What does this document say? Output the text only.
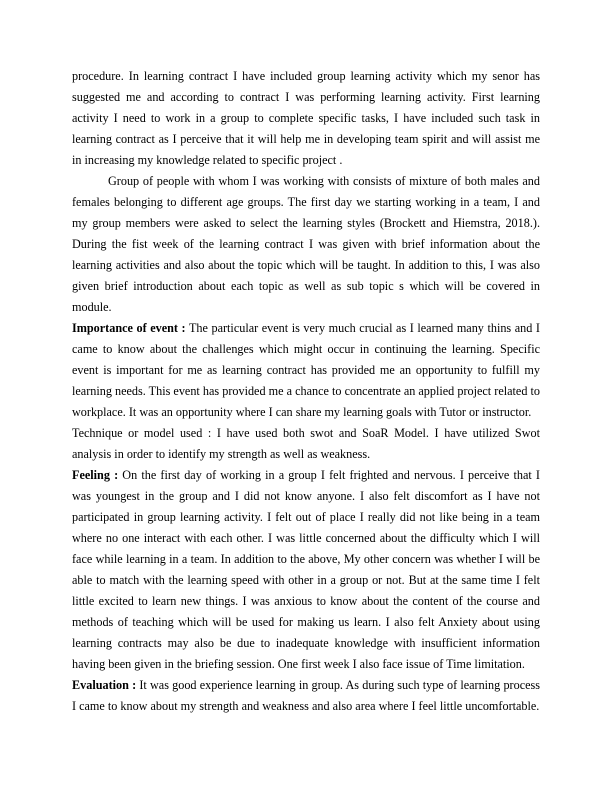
procedure. In learning contract I have included group learning activity which my senor has suggested me and according to contract I was performing learning activity. First learning activity I need to work in a group to complete specific tasks, I have included such task in learning contract as I perceive that it will help me in developing team spirit and will assist me in increasing my knowledge related to specific project .

Group of people with whom I was working with consists of mixture of both males and females belonging to different age groups. The first day we starting working in a team, I and my group members were asked to select the learning styles (Brockett and Hiemstra, 2018.). During the fist week of the learning contract I was given with brief information about the learning activities and also about the topic which will be taught. In addition to this, I was also given brief introduction about each topic as well as sub topic s which will be covered in module.

Importance of event : The particular event is very much crucial as I learned many thins and I came to know about the challenges which might occur in continuing the learning. Specific event is important for me as learning contract has provided me an opportunity to fulfill my learning needs. This event has provided me a chance to concentrate an applied project related to workplace. It was an opportunity where I can share my learning goals with Tutor or instructor.

Technique or model used : I have used both swot and SoaR Model. I have utilized Swot analysis in order to identify my strength as well as weakness.

Feeling : On the first day of working in a group I felt frighted and nervous. I perceive that I was youngest in the group and I did not know anyone. I also felt discomfort as I have not participated in group learning activity. I felt out of place I really did not like being in a team where no one interact with each other. I was little concerned about the difficulty which I will face while learning in a team. In addition to the above, My other concern was whether I will be able to match with the learning speed with other in a group or not. But at the same time I felt little excited to learn new things. I was anxious to know about the content of the course and methods of teaching which will be used for making us learn. I also felt Anxiety about using learning contracts may also be due to inadequate knowledge with insufficient information having been given in the briefing session. One first week I also face issue of Time limitation.

Evaluation : It was good experience learning in group. As during such type of learning process I came to know about my strength and weakness and also area where I feel little uncomfortable.
